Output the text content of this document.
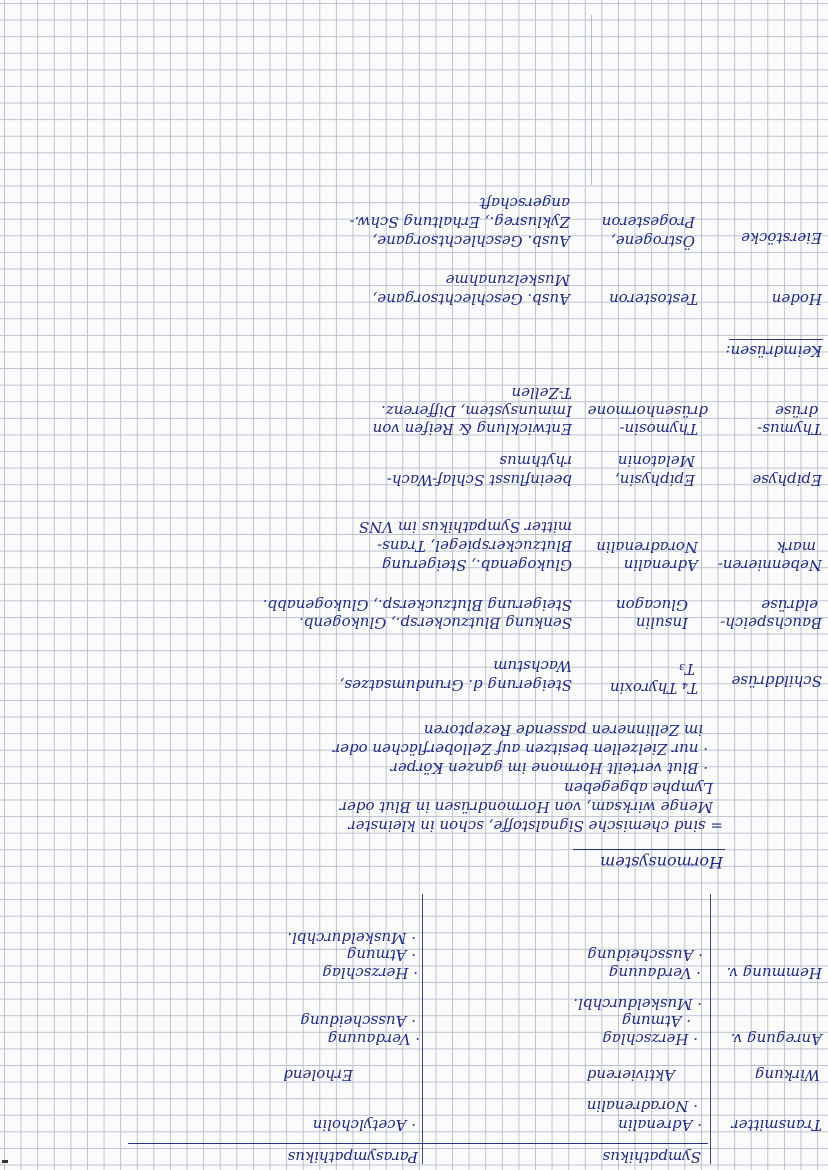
Sympathikus
Parasympathikus
Transmitter
· Adrenalin
· Noradrenalin
· Acetylcholin
Wirkung
Aktivierend
Erholend
Anregung v.
· Herzschlag
· Atmung
· Muskeldurchbl.
· Verdauung
· Ausscheidung
Hemmung v.
· Verdauung
· Ausscheidung
· Herzschlag
· Atmung
· Muskeldurchbl.
Hormonsystem
= sind chemische Signalstoffe, schon in kleinster
Menge wirksam, von Hormondrüsen in Blut oder
Lymphe abgegeben
· Blut verteilt Hormone im ganzen Körper
· nur Zielzellen besitzen auf Zelloberflächen oder
im Zellinneren passende Rezeptoren
Schilddrüse
T₄ Thyroxin
T₃
Steigerung d. Grundumsatzes,
Wachstum
Bauchspeich-
eldrüse
Insulin
Glucagon
Senkung Blutzuckersp., Glukogenb.
Steigerung Blutzuckersp., Glukogenabb.
Nebennieren-
mark
Adrenalin
Noradrenalin
Glukogenab., Steigerung
Blutzuckerspiegel, Trans-
mitter Sympathikus im VNS
Epiphyse
Epiphysin,
Melatonin
beeinflusst Schlaf-Wach-
rhythmus
Thymus-
drüse
Thymosin-
drüsenhormone
Entwicklung & Reifen von
Immunsystem, Differenz.
T-Zellen
Keimdrüsen:
Hoden
Testosteron
Ausb. Geschlechtsorgane,
Muskelzunahme
Eierstöcke
Östrogene,
Progesteron
Ausb. Geschlechtsorgane,
Zyklusreg., Erhaltung Schw.-
angerschaft
